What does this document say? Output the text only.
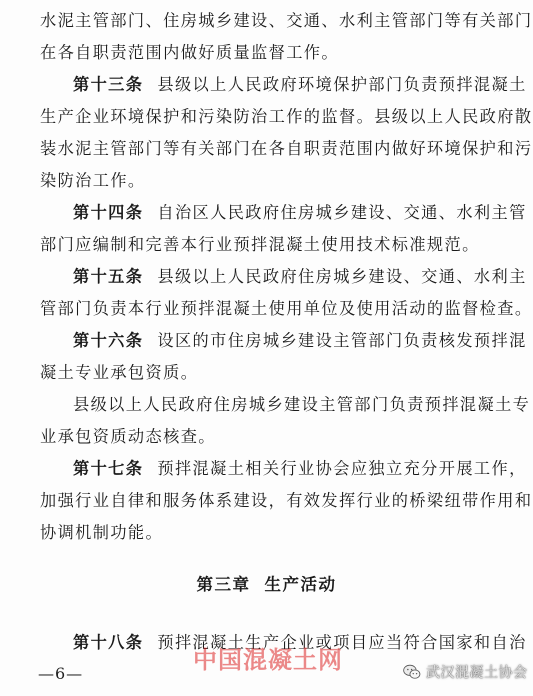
水泥主管部门、住房城乡建设、交通、水利主管部门等有关部门
在各自职责范围内做好质量监督工作。
第十三条 县级以上人民政府环境保护部门负责预拌混凝土
生产企业环境保护和污染防治工作的监督。县级以上人民政府散
装水泥主管部门等有关部门在各自职责范围内做好环境保护和污
染防治工作。
第十四条 自治区人民政府住房城乡建设、交通、水利主管
部门应编制和完善本行业预拌混凝土使用技术标准规范。
第十五条 县级以上人民政府住房城乡建设、交通、水利主
管部门负责本行业预拌混凝土使用单位及使用活动的监督检查。
第十六条 设区的市住房城乡建设主管部门负责核发预拌混
凝土专业承包资质。
县级以上人民政府住房城乡建设主管部门负责预拌混凝土专
业承包资质动态核查。
第十七条 预拌混凝土相关行业协会应独立充分开展工作，
加强行业自律和服务体系建设，有效发挥行业的桥梁纽带作用和
协调机制功能。
第三章 生产活动
第十八条 预拌混凝土生产企业或项目应当符合国家和自治
中国混凝土网
—6—	武汉混凝土协会
